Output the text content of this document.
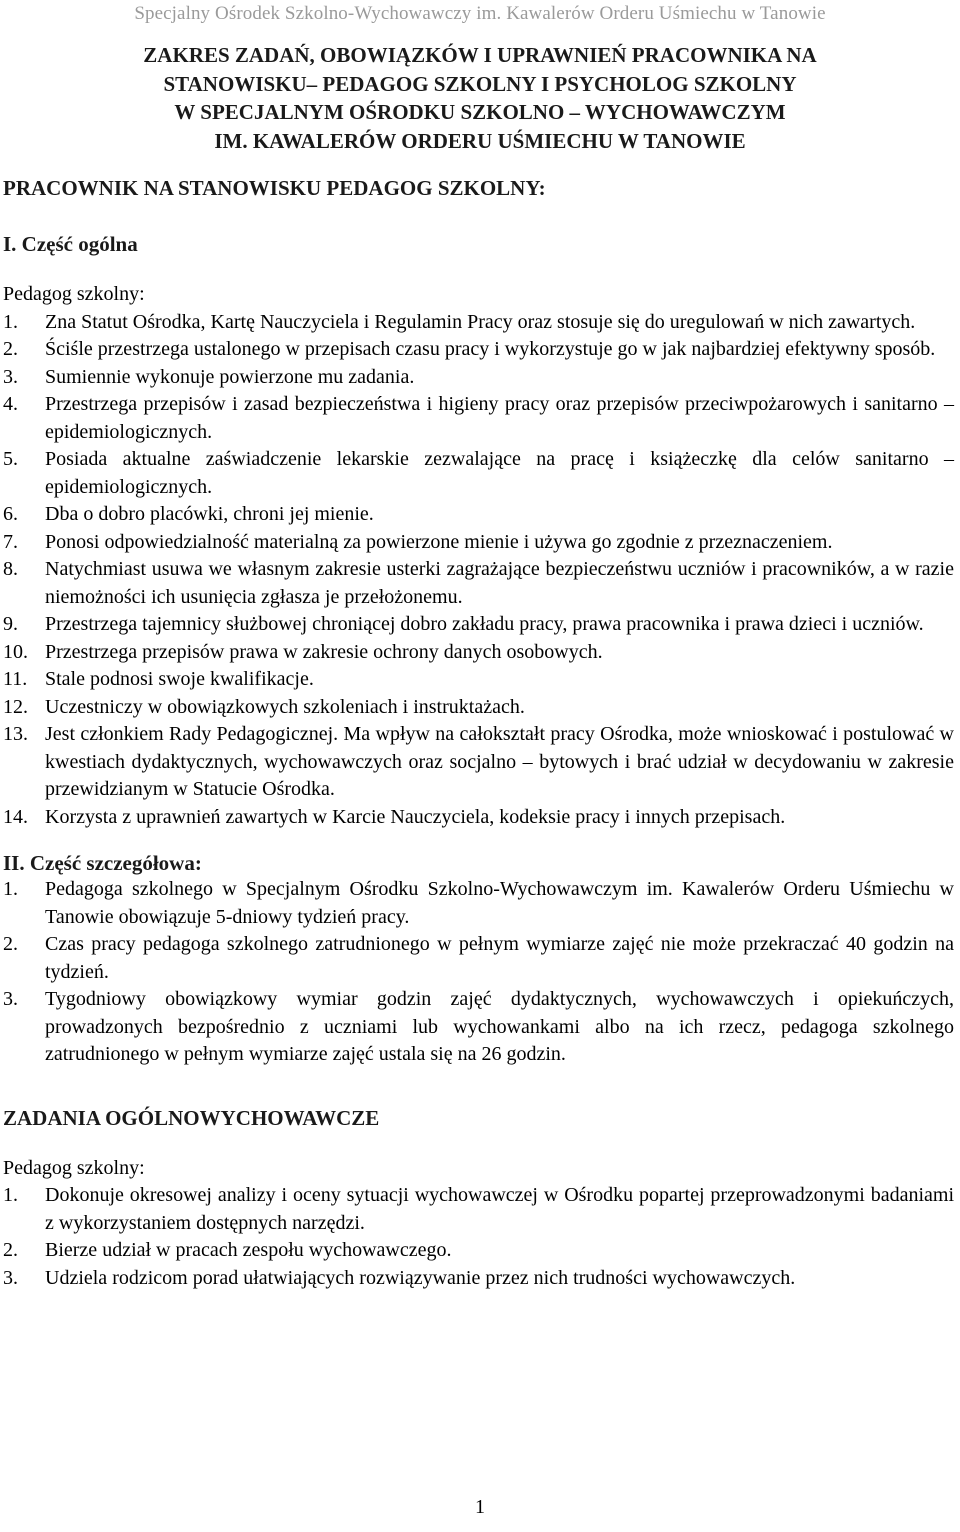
Specjalny Ośrodek Szkolno-Wychowawczy im. Kawalerów Orderu Uśmiechu w Tanowie
ZAKRES ZADAŃ, OBOWIĄZKÓW I UPRAWNIEŃ PRACOWNIKA NA
STANOWISKU– PEDAGOG SZKOLNY I PSYCHOLOG SZKOLNY
W SPECJALNYM OŚRODKU SZKOLNO – WYCHOWAWCZYM
IM. KAWALERÓW ORDERU UŚMIECHU W TANOWIE
PRACOWNIK NA STANOWISKU PEDAGOG SZKOLNY:
I. Część ogólna
Pedagog szkolny:
1. Zna Statut Ośrodka, Kartę Nauczyciela i Regulamin Pracy oraz stosuje się do uregulowań w nich zawartych.
2. Ściśle przestrzega ustalonego w przepisach czasu pracy i wykorzystuje go w jak najbardziej efektywny sposób.
3. Sumiennie wykonuje powierzone mu zadania.
4. Przestrzega przepisów i zasad bezpieczeństwa i higieny pracy oraz przepisów przeciwpożarowych i sanitarno – epidemiologicznych.
5. Posiada aktualne zaświadczenie lekarskie zezwalające na pracę i książeczkę dla celów sanitarno – epidemiologicznych.
6. Dba o dobro placówki, chroni jej mienie.
7. Ponosi odpowiedzialność materialną za powierzone mienie i używa go zgodnie z przeznaczeniem.
8. Natychmiast usuwa we własnym zakresie usterki zagrażające bezpieczeństwu uczniów i pracowników, a w razie niemożności ich usunięcia zgłasza je przełożonemu.
9. Przestrzega tajemnicy służbowej chroniącej dobro zakładu pracy, prawa pracownika i prawa dzieci i uczniów.
10. Przestrzega przepisów prawa w zakresie ochrony danych osobowych.
11. Stale podnosi swoje kwalifikacje.
12. Uczestniczy w obowiązkowych szkoleniach i instruktażach.
13. Jest członkiem Rady Pedagogicznej. Ma wpływ na całokształt pracy Ośrodka, może wnioskować i postulować w kwestiach dydaktycznych, wychowawczych oraz socjalno – bytowych i brać udział w decydowaniu w zakresie przewidzianym w Statucie Ośrodka.
14. Korzysta z uprawnień zawartych w Karcie Nauczyciela, kodeksie pracy i innych przepisach.
II. Część szczegółowa:
1. Pedagoga szkolnego w Specjalnym Ośrodku Szkolno-Wychowawczym im. Kawalerów Orderu Uśmiechu w Tanowie obowiązuje 5-dniowy tydzień pracy.
2. Czas pracy pedagoga szkolnego zatrudnionego w pełnym wymiarze zajęć nie może przekraczać 40 godzin na tydzień.
3. Tygodniowy obowiązkowy wymiar godzin zajęć dydaktycznych, wychowawczych i opiekuńczych, prowadzonych bezpośrednio z uczniami lub wychowankami albo na ich rzecz, pedagoga szkolnego zatrudnionego w pełnym wymiarze zajęć ustala się na 26 godzin.
ZADANIA OGÓLNOWYCHOWAWCZE
Pedagog szkolny:
1. Dokonuje okresowej analizy i oceny sytuacji wychowawczej w Ośrodku popartej przeprowadzonymi badaniami z wykorzystaniem dostępnych narzędzi.
2. Bierze udział w pracach zespołu wychowawczego.
3. Udziela rodzicom porad ułatwiających rozwiązywanie przez nich trudności wychowawczych.
1
